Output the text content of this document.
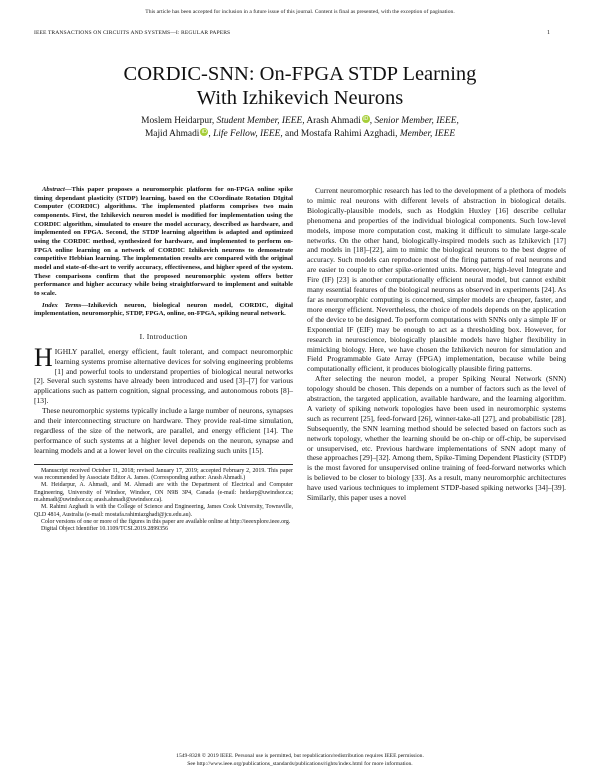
This article has been accepted for inclusion in a future issue of this journal. Content is final as presented, with the exception of pagination.
IEEE TRANSACTIONS ON CIRCUITS AND SYSTEMS—I: REGULAR PAPERS	1
CORDIC-SNN: On-FPGA STDP Learning
With Izhikevich Neurons
Moslem Heidarpur, Student Member, IEEE, Arash Ahmadi iD, Senior Member, IEEE,
Majid Ahmadi iD, Life Fellow, IEEE, and Mostafa Rahimi Azghadi, Member, IEEE

Abstract—This paper proposes a neuromorphic platform for on-FPGA online spike timing dependant plasticity (STDP) learning, based on the COordinate Rotation DIgital Computer (CORDIC) algorithms. The implemented platform comprises two main components. First, the Izhikevich neuron model is modified for implementation using the CORDIC algorithm, simulated to ensure the model accuracy, described as hardware, and implemented on FPGA. Second, the STDP learning algorithm is adapted and optimized using the CORDIC method, synthesized for hardware, and implemented to perform on-FPGA online learning on a network of CORDIC Izhikevich neurons to demonstrate competitive Hebbian learning. The implementation results are compared with the original model and state-of-the-art to verify accuracy, effectiveness, and higher speed of the system. These comparisons confirm that the proposed neuromorphic system offers better performance and higher accuracy while being straightforward to implement and suitable to scale.

Index Terms—Izhikevich neuron, biological neuron model, CORDIC, digital implementation, neuromorphic, STDP, FPGA, online, on-FPGA, spiking neural network.

I. Introduction

HIGHLY parallel, energy efficient, fault tolerant, and compact neuromorphic learning systems promise alternative devices for solving engineering problems [1] and powerful tools to understand properties of biological neural networks [2]. Several such systems have already been introduced and used [3]–[7] for various applications such as pattern cognition, signal processing, and autonomous robots [8]–[13].

These neuromorphic systems typically include a large number of neurons, synapses and their interconnecting structure on hardware. They provide real-time simulation, regardless of the size of the network, are parallel, and energy efficient [14]. The performance of such systems at a higher level depends on the neuron, synapse and learning models and at a lower level on the circuits realizing such units [15].

Manuscript received October 11, 2018; revised January 17, 2019; accepted February 2, 2019. This paper was recommended by Associate Editor A. James. (Corresponding author: Arash Ahmadi.)

M. Heidarpur, A. Ahmadi, and M. Ahmadi are with the Department of Electrical and Computer Engineering, University of Windsor, Windsor, ON N9B 3P4, Canada (e-mail: heidarp@uwindsor.ca; m.ahmadi@uwindsor.ca; arash.ahmadi@uwindsor.ca).

M. Rahimi Azghadi is with the College of Science and Engineering, James Cook University, Townsville, QLD 4814, Australia (e-mail: mostafa.rahimiazghadi@jcu.edu.au).

Color versions of one or more of the figures in this paper are available online at http://ieeexplore.ieee.org.

Digital Object Identifier 10.1109/TCSI.2019.2899356

Current neuromorphic research has led to the development of a plethora of models to mimic real neurons with different levels of abstraction in biological details. Biologically-plausible models, such as Hodgkin Huxley [16] describe cellular phenomena and properties of the individual biological components. Such low-level models, impose more computation cost, making it difficult to simulate large-scale networks. On the other hand, biologically-inspired models such as Izhikevich [17] and models in [18]–[22], aim to mimic the biological neurons to the best degree of accuracy. Such models can reproduce most of the firing patterns of real neurons and are easier to couple to other spike-oriented units. Moreover, high-level Integrate and Fire (IF) [23] is another computationally efficient neural model, but cannot exhibit many essential features of the biological neurons as observed in experiments [24]. As far as neuromorphic computing is concerned, simpler models are cheaper, faster, and more energy efficient. Nevertheless, the choice of models depends on the application of the device to be designed. To perform computations with SNNs only a simple IF or Exponential IF (EIF) may be enough to act as a thresholding box. However, for research in neuroscience, biologically plausible models have higher flexibility in mimicking biology. Here, we have chosen the Izhikevich neuron for simulation and Field Programmable Gate Array (FPGA) implementation, because while being computationally efficient, it produces biologically plausible firing patterns.

After selecting the neuron model, a proper Spiking Neural Network (SNN) topology should be chosen. This depends on a number of factors such as the level of abstraction, the targeted application, available hardware, and the learning algorithm. A variety of spiking network topologies have been used in neuromorphic systems such as recurrent [25], feed-forward [26], winner-take-all [27], and probabilistic [28]. Subsequently, the SNN learning method should be selected based on factors such as network topology, whether the learning should be on-chip or off-chip, be supervised or unsupervised, etc. Previous hardware implementations of SNN adopt many of these approaches [29]–[32]. Among them, Spike-Timing Dependent Plasticity (STDP) is the most favored for unsupervised online training of feed-forward networks which is believed to be closer to biology [33]. As a result, many neuromorphic architectures have used various techniques to implement STDP-based spiking networks [34]–[39]. Similarly, this paper uses a novel

1549-8328 © 2019 IEEE. Personal use is permitted, but republication/redistribution requires IEEE permission.
See http://www.ieee.org/publications_standards/publications/rights/index.html for more information.
